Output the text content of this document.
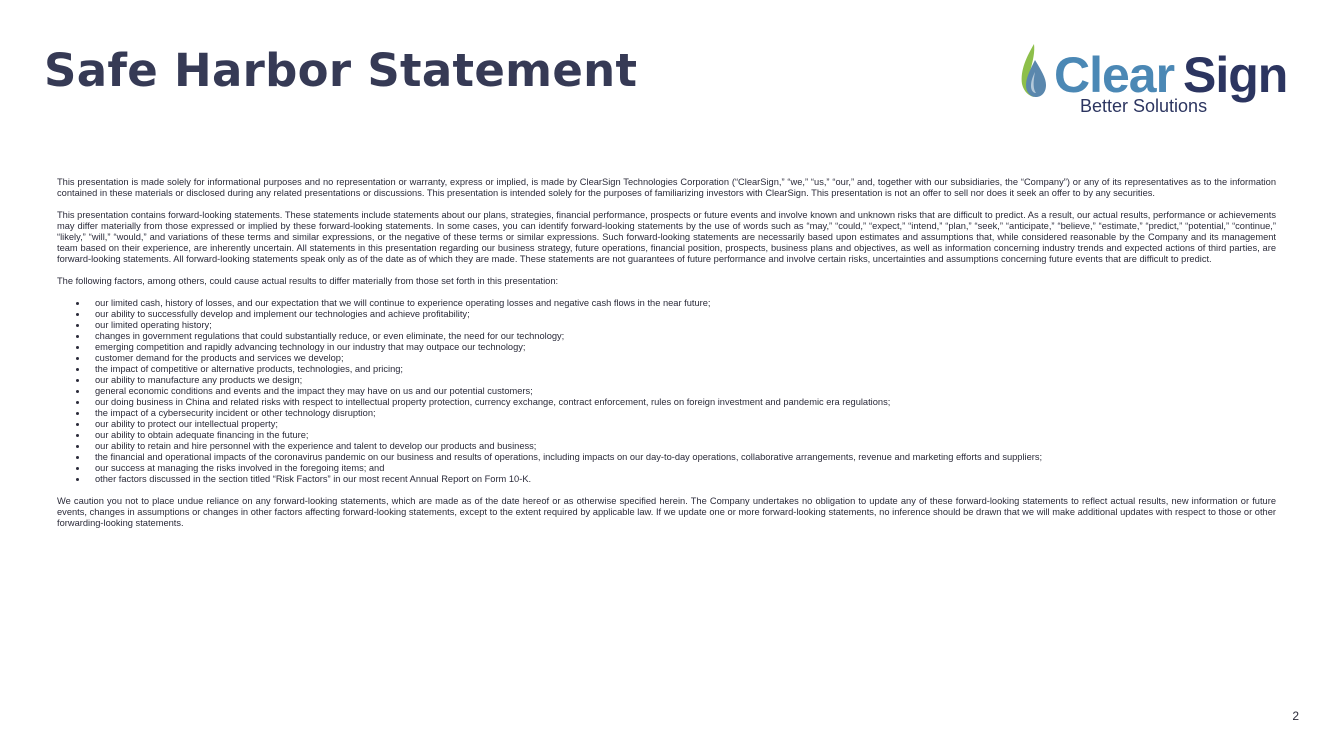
Safe Harbor Statement	Clear Sign
Better Solutions

This presentation is made solely for informational purposes and no representation or warranty, express or implied, is made by ClearSign Technologies Corporation (“ClearSign,” “we,” “us,” “our,” and, together with our subsidiaries, the “Company”) or any of its representatives as to the information contained in these materials or disclosed during any related presentations or discussions. This presentation is intended solely for the purposes of familiarizing investors with ClearSign. This presentation is not an offer to sell nor does it seek an offer to by any securities.

This presentation contains forward-looking statements. These statements include statements about our plans, strategies, financial performance, prospects or future events and involve known and unknown risks that are difficult to predict. As a result, our actual results, performance or achievements may differ materially from those expressed or implied by these forward-looking statements. In some cases, you can identify forward-looking statements by the use of words such as “may,” “could,” “expect,” “intend,” “plan,” “seek,” “anticipate,” “believe,” “estimate,” “predict,” “potential,” “continue,” “likely,” “will,” “would,” and variations of these terms and similar expressions, or the negative of these terms or similar expressions. Such forward-looking statements are necessarily based upon estimates and assumptions that, while considered reasonable by the Company and its management team based on their experience, are inherently uncertain. All statements in this presentation regarding our business strategy, future operations, financial position, prospects, business plans and objectives, as well as information concerning industry trends and expected actions of third parties, are forward-looking statements. All forward-looking statements speak only as of the date as of which they are made. These statements are not guarantees of future performance and involve certain risks, uncertainties and assumptions concerning future events that are difficult to predict.

The following factors, among others, could cause actual results to differ materially from those set forth in this presentation:

our limited cash, history of losses, and our expectation that we will continue to experience operating losses and negative cash flows in the near future;
our ability to successfully develop and implement our technologies and achieve profitability;
our limited operating history;
changes in government regulations that could substantially reduce, or even eliminate, the need for our technology;
emerging competition and rapidly advancing technology in our industry that may outpace our technology;
customer demand for the products and services we develop;
the impact of competitive or alternative products, technologies, and pricing;
our ability to manufacture any products we design;
general economic conditions and events and the impact they may have on us and our potential customers;
our doing business in China and related risks with respect to intellectual property protection, currency exchange, contract enforcement, rules on foreign investment and pandemic era regulations;
the impact of a cybersecurity incident or other technology disruption;
our ability to protect our intellectual property;
our ability to obtain adequate financing in the future;
our ability to retain and hire personnel with the experience and talent to develop our products and business;
the financial and operational impacts of the coronavirus pandemic on our business and results of operations, including impacts on our day-to-day operations, collaborative arrangements, revenue and marketing efforts and suppliers;
our success at managing the risks involved in the foregoing items; and
other factors discussed in the section titled “Risk Factors” in our most recent Annual Report on Form 10-K.

We caution you not to place undue reliance on any forward-looking statements, which are made as of the date hereof or as otherwise specified herein. The Company undertakes no obligation to update any of these forward-looking statements to reflect actual results, new information or future events, changes in assumptions or changes in other factors affecting forward-looking statements, except to the extent required by applicable law. If we update one or more forward-looking statements, no inference should be drawn that we will make additional updates with respect to those or other forwarding-looking statements.

2
